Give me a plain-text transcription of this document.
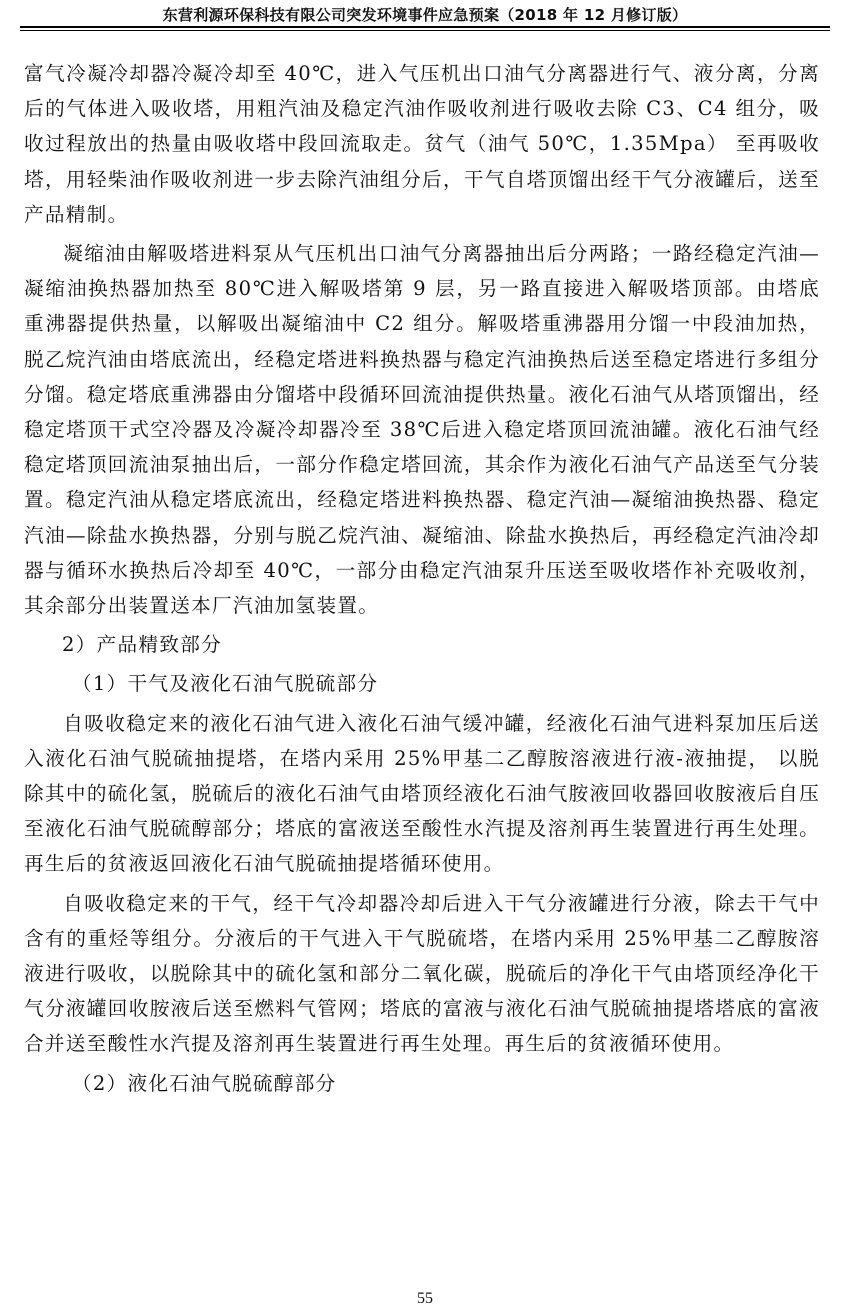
东营利源环保科技有限公司突发环境事件应急预案（2018 年 12 月修订版）

富气冷凝冷却器冷凝冷却至 40℃，进入气压机出口油气分离器进行气、液分离，分离后的气体进入吸收塔，用粗汽油及稳定汽油作吸收剂进行吸收去除 C3、C4 组分，吸收过程放出的热量由吸收塔中段回流取走。贫气（油气 50℃，1.35Mpa） 至再吸收塔，用轻柴油作吸收剂进一步去除汽油组分后，干气自塔顶馏出经干气分液罐后，送至产品精制。

凝缩油由解吸塔进料泵从气压机出口油气分离器抽出后分两路；一路经稳定汽油—凝缩油换热器加热至 80℃进入解吸塔第 9 层，另一路直接进入解吸塔顶部。由塔底重沸器提供热量，以解吸出凝缩油中 C2 组分。解吸塔重沸器用分馏一中段油加热，脱乙烷汽油由塔底流出，经稳定塔进料换热器与稳定汽油换热后送至稳定塔进行多组分分馏。稳定塔底重沸器由分馏塔中段循环回流油提供热量。液化石油气从塔顶馏出，经稳定塔顶干式空冷器及冷凝冷却器冷至 38℃后进入稳定塔顶回流油罐。液化石油气经稳定塔顶回流油泵抽出后，一部分作稳定塔回流，其余作为液化石油气产品送至气分装置。稳定汽油从稳定塔底流出，经稳定塔进料换热器、稳定汽油—凝缩油换热器、稳定汽油—除盐水换热器，分别与脱乙烷汽油、凝缩油、除盐水换热后，再经稳定汽油冷却器与循环水换热后冷却至 40℃，一部分由稳定汽油泵升压送至吸收塔作补充吸收剂，其余部分出装置送本厂汽油加氢装置。

2）产品精致部分

（1）干气及液化石油气脱硫部分

自吸收稳定来的液化石油气进入液化石油气缓冲罐，经液化石油气进料泵加压后送入液化石油气脱硫抽提塔，在塔内采用 25%甲基二乙醇胺溶液进行液-液抽提， 以脱除其中的硫化氢，脱硫后的液化石油气由塔顶经液化石油气胺液回收器回收胺液后自压至液化石油气脱硫醇部分；塔底的富液送至酸性水汽提及溶剂再生装置进行再生处理。再生后的贫液返回液化石油气脱硫抽提塔循环使用。

自吸收稳定来的干气，经干气冷却器冷却后进入干气分液罐进行分液，除去干气中含有的重烃等组分。分液后的干气进入干气脱硫塔，在塔内采用 25%甲基二乙醇胺溶液进行吸收，以脱除其中的硫化氢和部分二氧化碳，脱硫后的净化干气由塔顶经净化干气分液罐回收胺液后送至燃料气管网；塔底的富液与液化石油气脱硫抽提塔塔底的富液合并送至酸性水汽提及溶剂再生装置进行再生处理。再生后的贫液循环使用。

（2）液化石油气脱硫醇部分

55
